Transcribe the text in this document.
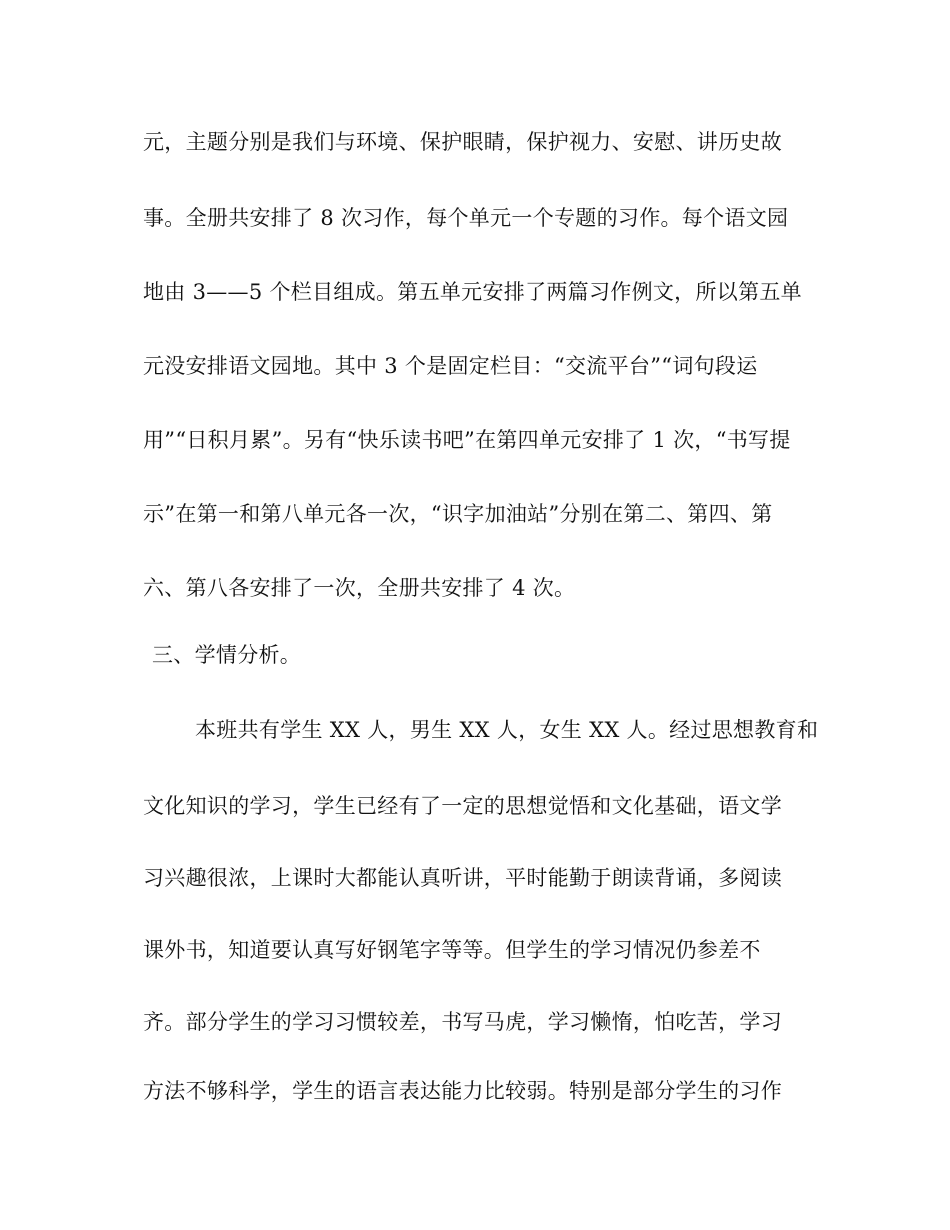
元，主题分别是我们与环境、保护眼睛，保护视力、安慰、讲历史故
事。全册共安排了 8 次习作，每个单元一个专题的习作。每个语文园
地由 3——5 个栏目组成。第五单元安排了两篇习作例文，所以第五单
元没安排语文园地。其中 3 个是固定栏目：“交流平台”“词句段运
用”“日积月累”。另有“快乐读书吧”在第四单元安排了 1 次，“书写提
示”在第一和第八单元各一次，“识字加油站”分别在第二、第四、第
六、第八各安排了一次，全册共安排了 4 次。
三、学情分析。
本班共有学生 XX 人，男生 XX 人，女生 XX 人。经过思想教育和
文化知识的学习，学生已经有了一定的思想觉悟和文化基础，语文学
习兴趣很浓，上课时大都能认真听讲，平时能勤于朗读背诵，多阅读
课外书，知道要认真写好钢笔字等等。但学生的学习情况仍参差不
齐。部分学生的学习习惯较差，书写马虎，学习懒惰，怕吃苦，学习
方法不够科学，学生的语言表达能力比较弱。特别是部分学生的习作
